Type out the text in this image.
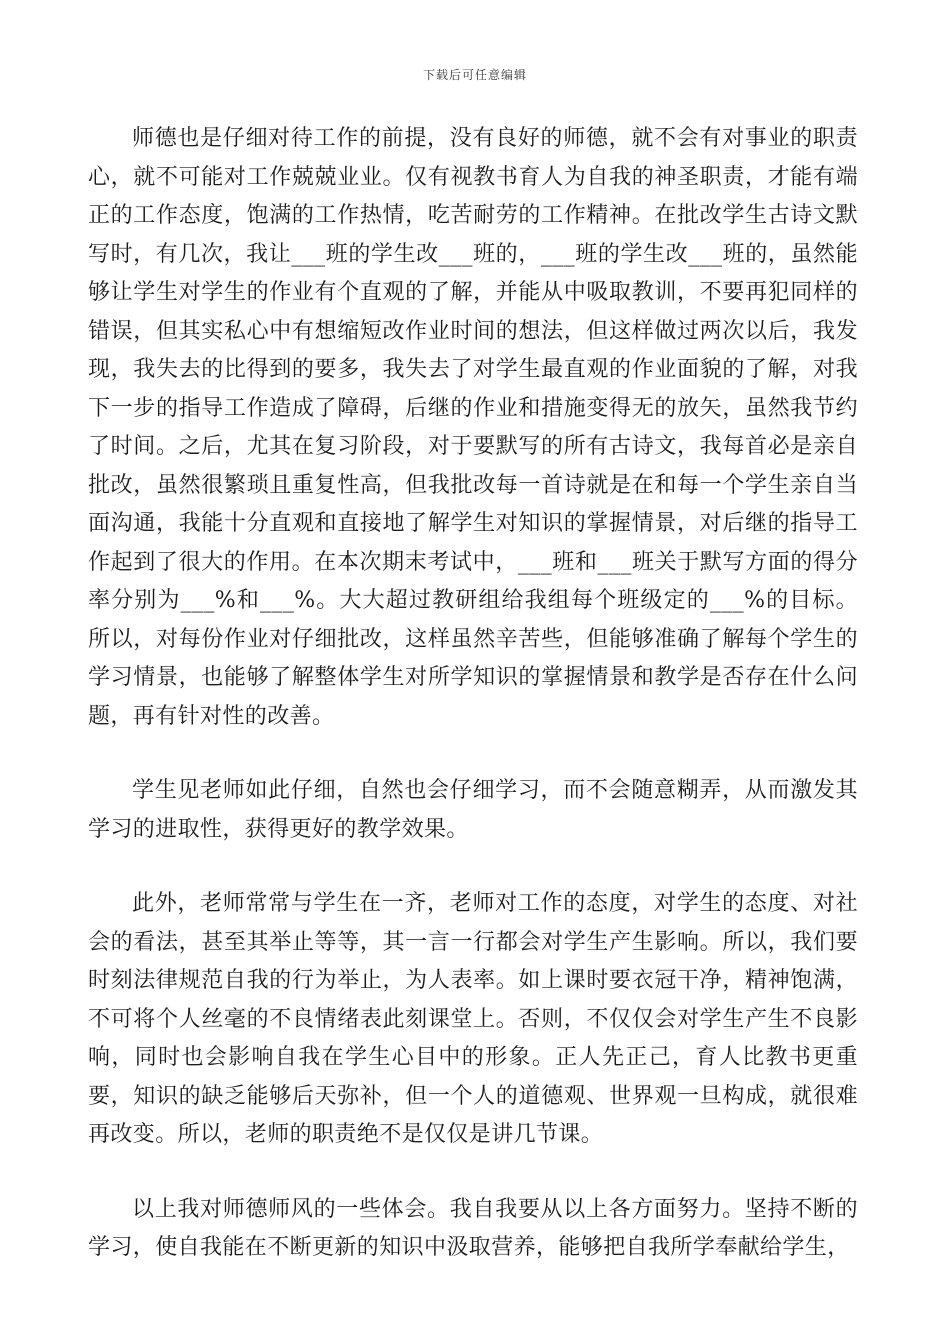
下载后可任意编辑

师德也是仔细对待工作的前提，没有良好的师德，就不会有对事业的职责心，就不可能对工作兢兢业业。仅有视教书育人为自我的神圣职责，才能有端正的工作态度，饱满的工作热情，吃苦耐劳的工作精神。在批改学生古诗文默写时，有几次，我让___班的学生改___班的，___班的学生改___班的，虽然能够让学生对学生的作业有个直观的了解，并能从中吸取教训，不要再犯同样的错误，但其实私心中有想缩短改作业时间的想法，但这样做过两次以后，我发现，我失去的比得到的要多，我失去了对学生最直观的作业面貌的了解，对我下一步的指导工作造成了障碍，后继的作业和措施变得无的放矢，虽然我节约了时间。之后，尤其在复习阶段，对于要默写的所有古诗文，我每首必是亲自批改，虽然很繁琐且重复性高，但我批改每一首诗就是在和每一个学生亲自当面沟通，我能十分直观和直接地了解学生对知识的掌握情景，对后继的指导工作起到了很大的作用。在本次期末考试中，___班和___班关于默写方面的得分率分别为___%和___%。大大超过教研组给我组每个班级定的___%的目标。所以，对每份作业对仔细批改，这样虽然辛苦些，但能够准确了解每个学生的学习情景，也能够了解整体学生对所学知识的掌握情景和教学是否存在什么问题，再有针对性的改善。

学生见老师如此仔细，自然也会仔细学习，而不会随意糊弄，从而激发其学习的进取性，获得更好的教学效果。

此外，老师常常与学生在一齐，老师对工作的态度，对学生的态度、对社会的看法，甚至其举止等等，其一言一行都会对学生产生影响。所以，我们要时刻法律规范自我的行为举止，为人表率。如上课时要衣冠干净，精神饱满，不可将个人丝毫的不良情绪表此刻课堂上。否则，不仅仅会对学生产生不良影响，同时也会影响自我在学生心目中的形象。正人先正己，育人比教书更重要，知识的缺乏能够后天弥补，但一个人的道德观、世界观一旦构成，就很难再改变。所以，老师的职责绝不是仅仅是讲几节课。

以上我对师德师风的一些体会。我自我要从以上各方面努力。坚持不断的学习，使自我能在不断更新的知识中汲取营养，能够把自我所学奉献给学生，
